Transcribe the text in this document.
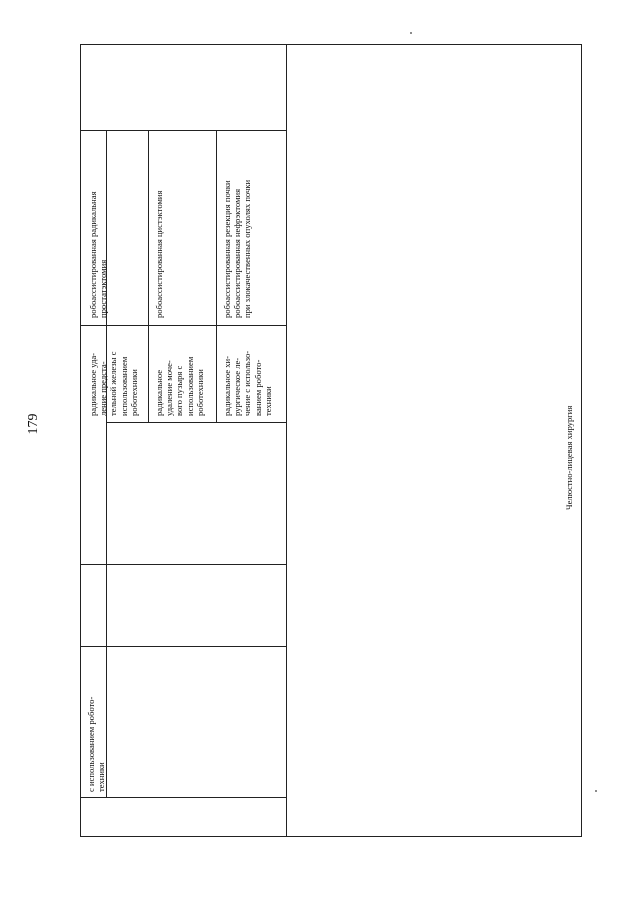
179
с использованием робото-
техники
радикальное уда-
ление предста-
тельной железы с
использованием
роботехники
робоассистированная радикальная
простатэктомия
радикальное
удаление моче-
вого пузыря с
использованием
роботехники
робоассистированная цистэктомия
радикальное хи-
рургическое ле-
чение с использо-
ванием робото-
техники
робоассистированная резекция почки
робоассистированная нефрэктомия
при злокачественных опухолях почки
Челюстно-лицевая хирургия
